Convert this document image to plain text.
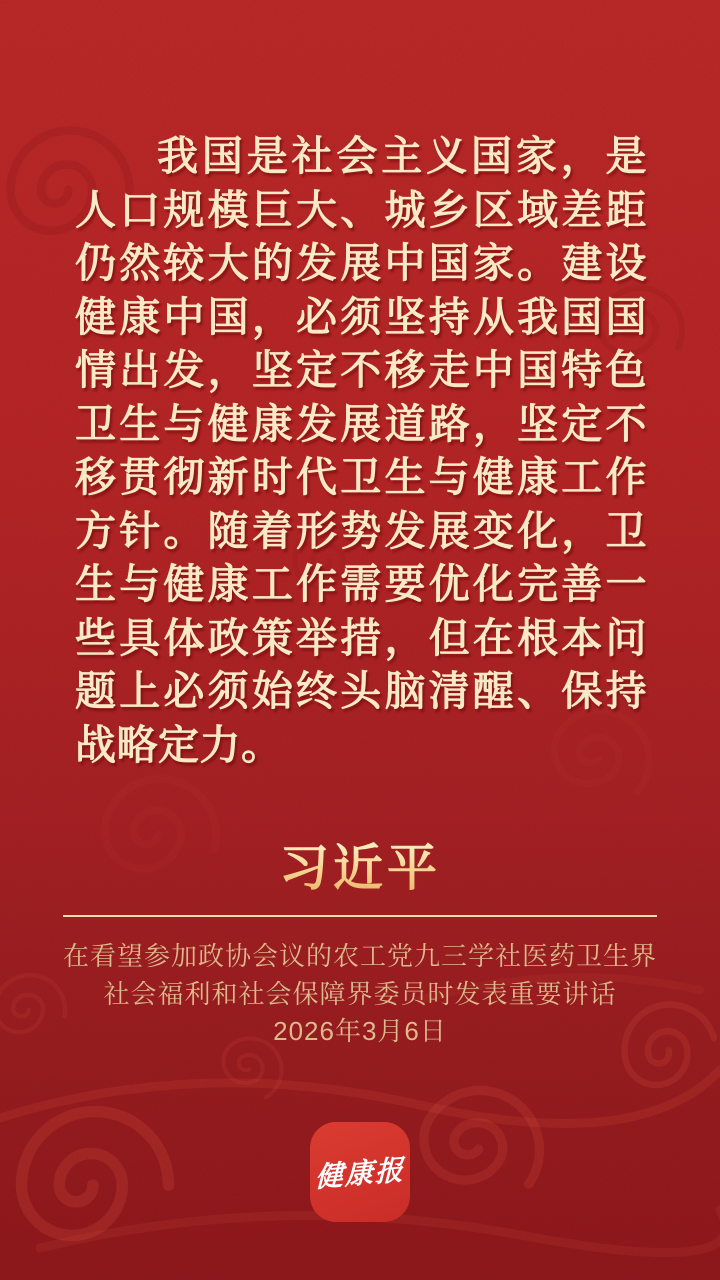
我国是社会主义国家，是人口规模巨大、城乡区域差距仍然较大的发展中国家。建设健康中国，必须坚持从我国国情出发，坚定不移走中国特色卫生与健康发展道路，坚定不移贯彻新时代卫生与健康工作方针。随着形势发展变化，卫生与健康工作需要优化完善一些具体政策举措，但在根本问题上必须始终头脑清醒、保持战略定力。
习近平
在看望参加政协会议的农工党九三学社医药卫生界
社会福利和社会保障界委员时发表重要讲话
2026年3月6日
健康报
